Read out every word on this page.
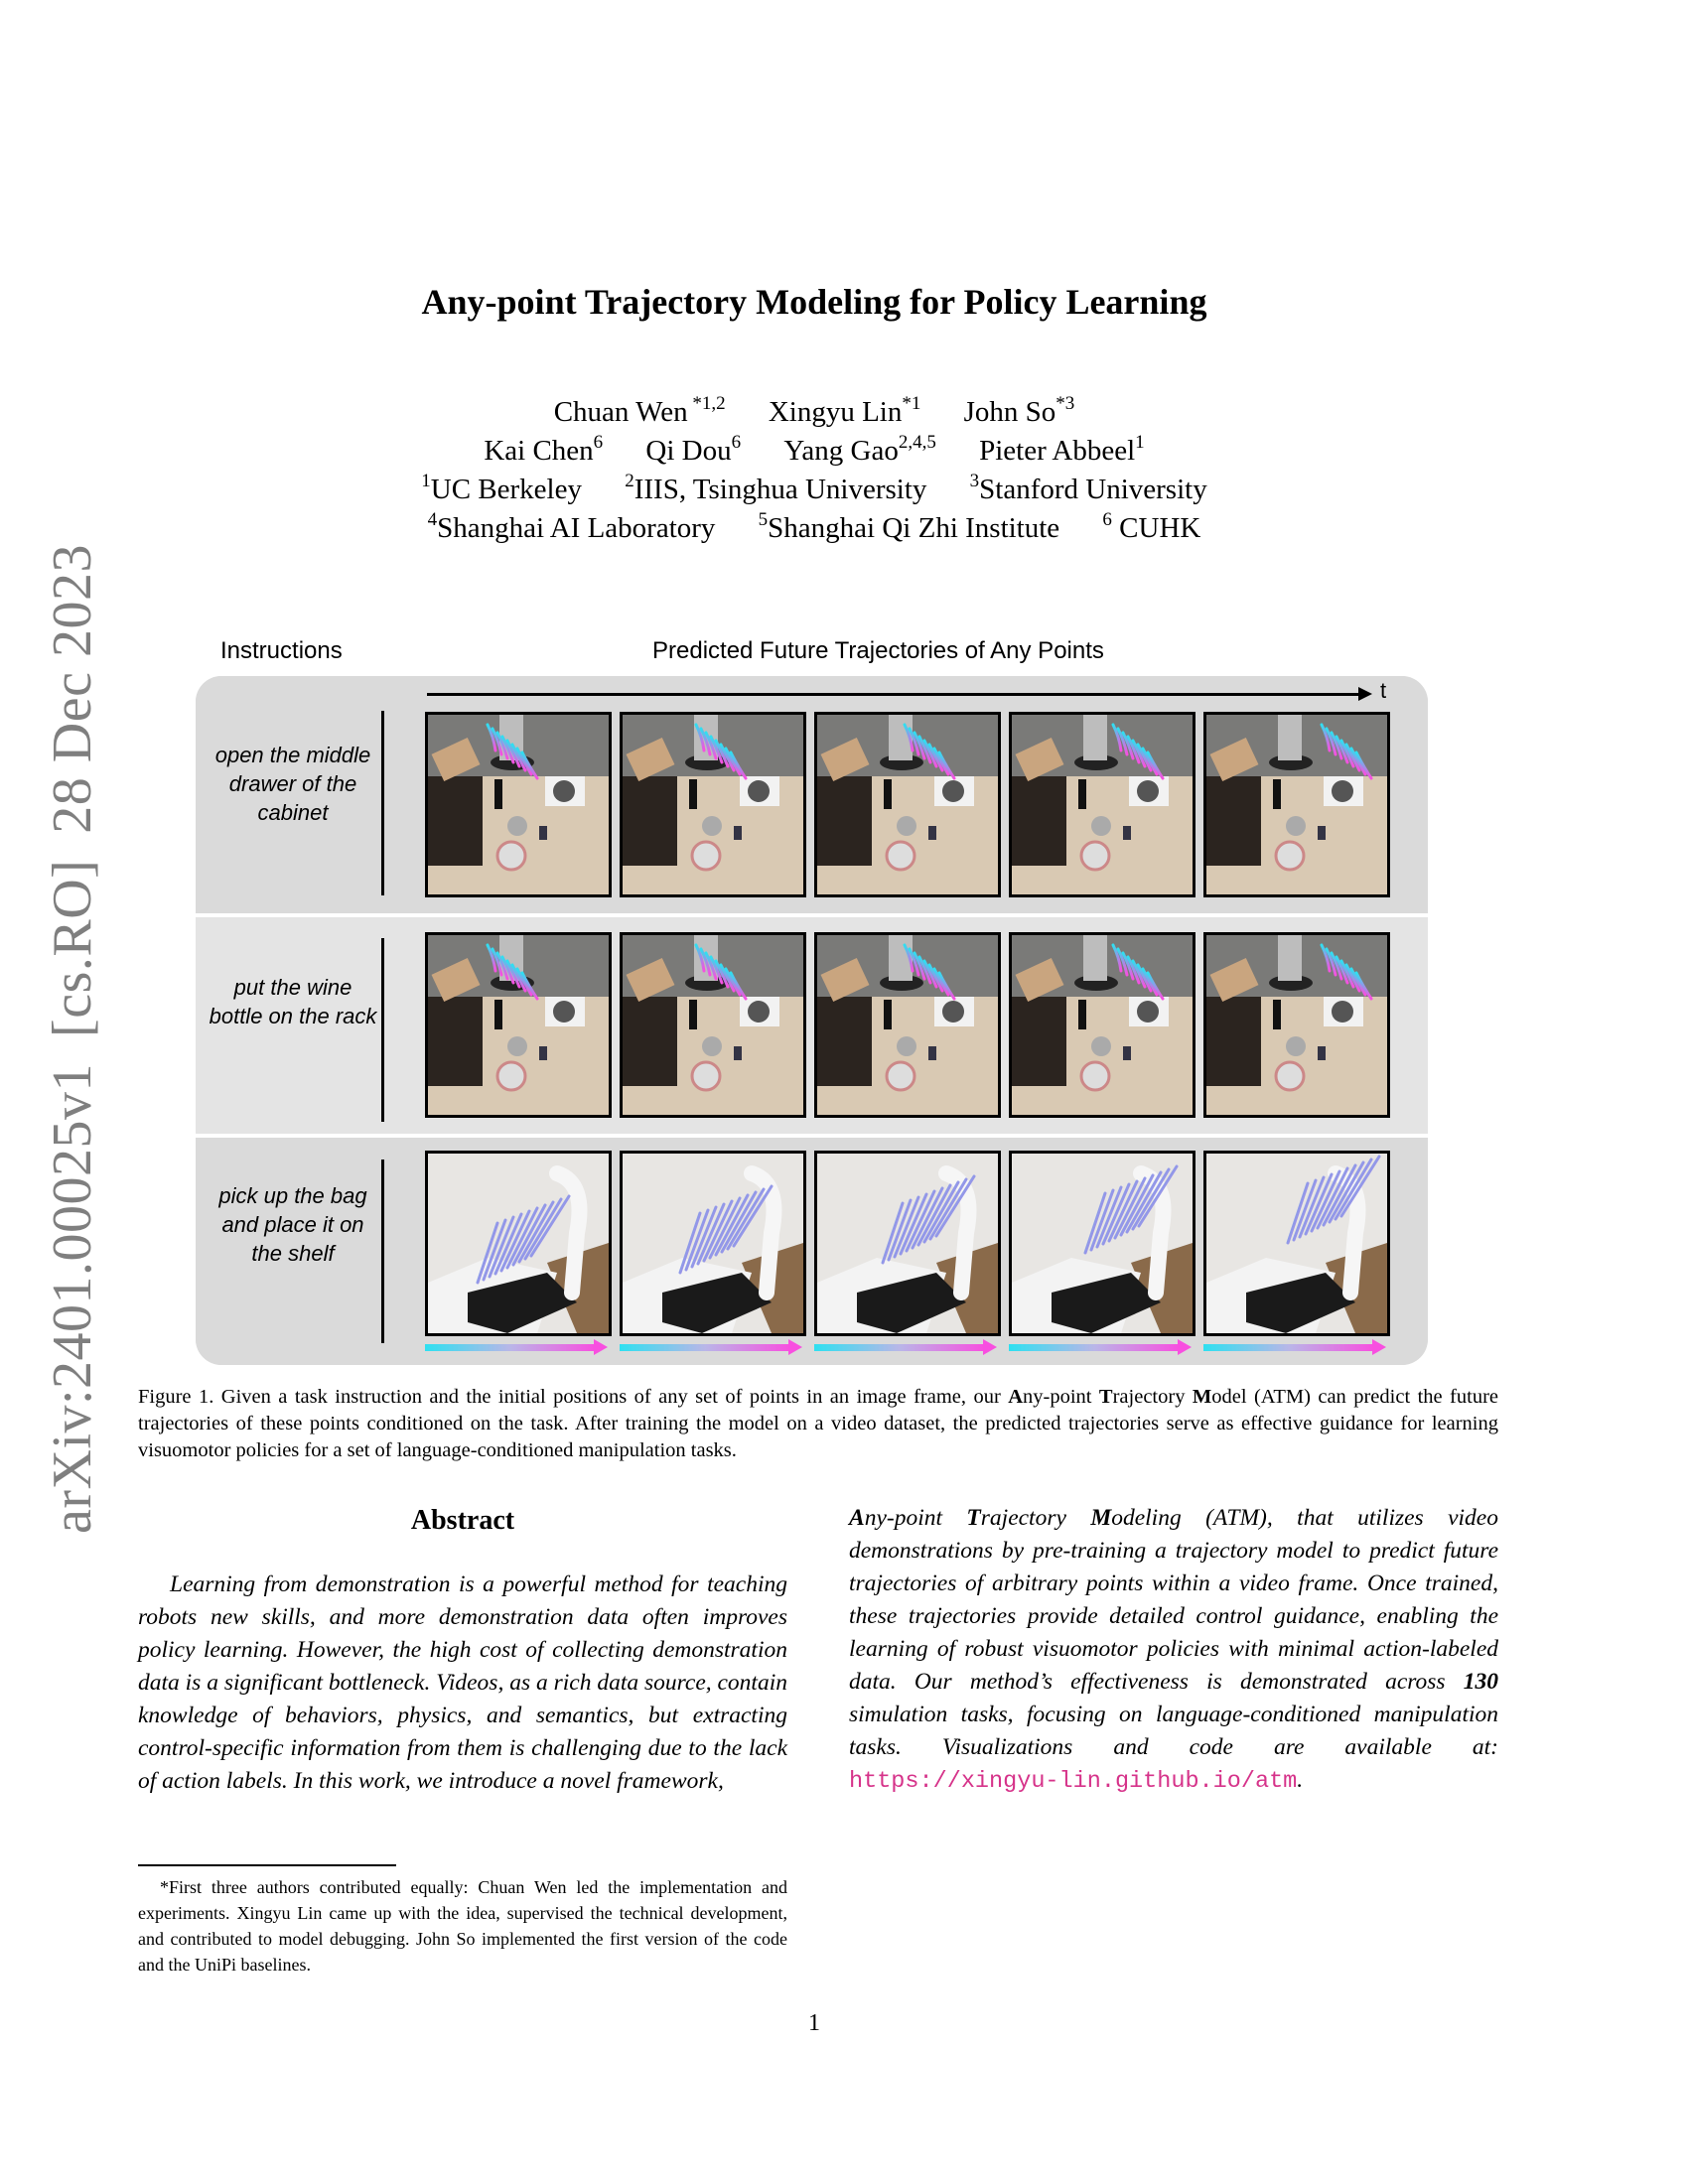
arXiv:2401.00025v1[cs.RO]28 Dec 2023
Any-point Trajectory Modeling for Policy Learning
Chuan Wen $^{*1,2}$ Xingyu Lin$^{*1}$ John So$^{*3}$
Kai Chen$^6$ Qi Dou$^6$ Yang Gao$^{2,4,5}$ Pieter Abbeel$^1$
$^1$UC Berkeley $^2$IIIS, Tsinghua University $^3$Stanford University
$^4$Shanghai AI Laboratory $^5$Shanghai Qi Zhi Institute $^6$ CUHK
Instructions	Predicted Future Trajectories of Any Points
t
open the middle drawer of the cabinet
put the wine bottle on the rack
pick up the bag and place it on the shelf
Figure 1. Given a task instruction and the initial positions of any set of points in an image frame, our Any-point Trajectory Model (ATM) can predict the future trajectories of these points conditioned on the task. After training the model on a video dataset, the predicted trajectories serve as effective guidance for learning visuomotor policies for a set of language-conditioned manipulation tasks.
Abstract
Learning from demonstration is a powerful method for teaching robots new skills, and more demonstration data often improves policy learning. However, the high cost of collecting demonstration data is a significant bottleneck. Videos, as a rich data source, contain knowledge of behaviors, physics, and semantics, but extracting control-specific information from them is challenging due to the lack of action labels. In this work, we introduce a novel framework,
Any-point Trajectory Modeling (ATM), that utilizes video demonstrations by pre-training a trajectory model to predict future trajectories of arbitrary points within a video frame. Once trained, these trajectories provide detailed control guidance, enabling the learning of robust visuomotor policies with minimal action-labeled data. Our method’s effectiveness is demonstrated across 130 simulation tasks, focusing on language-conditioned manipulation tasks. Visualizations and code are available at: https://xingyu-lin.github.io/atm.
*First three authors contributed equally: Chuan Wen led the implementation and experiments. Xingyu Lin came up with the idea, supervised the technical development, and contributed to model debugging. John So implemented the first version of the code and the UniPi baselines.
1
